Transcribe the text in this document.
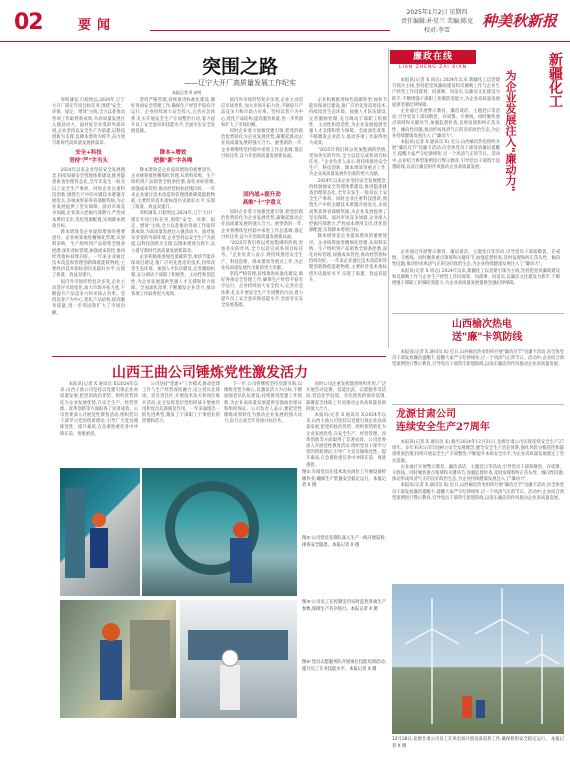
02	要闻
2025年1月2日 星期四
责任编辑:朴星兰 美编:陈克 校对:李雪
种美秋新报
突围之路
——辽宁大开厂高质量发展工作纪实
本报记者 X 宋明

厚积薄发,行稳致远,2024年,辽宁大开厂锚定年度目标任务,围绕"安全、环保、稳定、增效"主线,全力以赴推动各项工作取得新成效,为高质量发展注入强劲动力。面对复杂多变的外部环境,企业坚持以安全生产为前提,以科技创新为支撑,以降本增效为抓手,奋力谱写新时代高质量发展新篇章。

安全+科技
坚持"严"字当头

2024年以来企业坚持安全发展理念,持续加强安全管理体系建设,推进隐患排查治理常态化,全年未发生一般及以上安全生产事故。同时企业注重科技创新,围绕生产中的关键技术难题开展攻关,多项成果获得省部级奖励,为企业发展提供了坚实保障。面对市场竞争加剧,企业深入挖掘内部潜力,严控成本费用支出,优化资源配置,实现降本增效目标。

降本增效是企业提质增效的重要途径。企业统筹推进精细化管理,从原料采购、生产组织到产品销售全链条挖潜,深化对标管理,加强成本管控,推动经营指标持续向好。一年来企业通过技术改造和管理创新降低能耗物耗,主要经济技术指标创历史最好水平,实现了质量、效益双提升。

国内外市场形势复杂多变,企业主动适应市场变化,加大市场开拓力度,不断提升产品竞争力和市场占有率。坚持以客户为中心,优化产品结构,提高服务质量,进一步巩固和扩大了市场份额。

坚持严格管理,持续推进标准化建设,做好各项安全管理工作,确保生产经营平稳有序运行。企业持续加大安全投入,完善应急体系,扎实开展安全生产专项整治行动,着力提升员工安全意识和技能水平,全面夯实安全发展基础。

降本+增效
把握"新"字各绳

降本增效是企业提质增效的重要途径。企业统筹推进精细化管理,从原料采购、生产组织到产品销售全链条挖潜,深化对标管理,加强成本管控,推动经营指标持续向好。一年来企业通过技术改造和管理创新降低能耗物耗,主要经济技术指标创历史最好水平,实现了质量、效益双提升。

厚积薄发,行稳致远,2024年,辽宁大开厂锚定年度目标任务,围绕"安全、环保、稳定、增效"主线,全力以赴推动各项工作取得新成效,为高质量发展注入强劲动力。面对复杂多变的外部环境,企业坚持以安全生产为前提,以科技创新为支撑,以降本增效为抓手,奋力谱写新时代高质量发展新篇章。

企业积极推进绿色低碳转型,加快节能环保项目建设,推广应用先进适用技术,持续改善生态环境。加强人才队伍建设,完善激励机制,充分调动干部职工积极性、主动性和创造性,为企业发展提供坚强人才支撑和智力保障。全面深化改革,不断激发企业活力,推动各项工作取得更大成效。

国内外市场形势复杂多变,企业主动适应市场变化,加大市场开拓力度,不断提升产品竞争力和市场占有率。坚持以客户为中心,优化产品结构,提高服务质量,进一步巩固和扩大了市场份额。

同时企业着力加强党建引领,把党的政治优势转化为企业发展优势,凝聚起推动企业高质量发展的强大合力。展望新的一年,企业将继续坚持稳中求进工作总基调,锚定目标任务,奋力开创高质量发展新局面。

国内战+提升劲
高维"十"字意义

同时企业着力加强党建引领,把党的政治优势转化为企业发展优势,凝聚起推动企业高质量发展的强大合力。展望新的一年,企业将继续坚持稳中求进工作总基调,锚定目标任务,奋力开创高质量发展新局面。

"2025年我们将以更加饱满的热情,更加务实的作风,全力以赴完成各项目标任务。"企业负责人表示,将持续推进安全生产、科技创新、降本增效等重点工作,为企业高质量发展作出新的更大贡献。

坚持严格管理,持续推进标准化建设,做好各项安全管理工作,确保生产经营平稳有序运行。企业持续加大安全投入,完善应急体系,扎实开展安全生产专项整治行动,着力提升员工安全意识和技能水平,全面夯实安全发展基础。

企业积极推进绿色低碳转型,加快节能环保项目建设,推广应用先进适用技术,持续改善生态环境。加强人才队伍建设,完善激励机制,充分调动干部职工积极性、主动性和创造性,为企业发展提供坚强人才支撑和智力保障。全面深化改革,不断激发企业活力,推动各项工作取得更大成效。

"2025年我们将以更加饱满的热情,更加务实的作风,全力以赴完成各项目标任务。"企业负责人表示,将持续推进安全生产、科技创新、降本增效等重点工作,为企业高质量发展作出新的更大贡献。

2024年以来企业坚持安全发展理念,持续加强安全管理体系建设,推进隐患排查治理常态化,全年未发生一般及以上安全生产事故。同时企业注重科技创新,围绕生产中的关键技术难题开展攻关,多项成果获得省部级奖励,为企业发展提供了坚实保障。面对市场竞争加剧,企业深入挖掘内部潜力,严控成本费用支出,优化资源配置,实现降本增效目标。

降本增效是企业提质增效的重要途径。企业统筹推进精细化管理,从原料采购、生产组织到产品销售全链条挖潜,深化对标管理,加强成本管控,推动经营指标持续向好。一年来企业通过技术改造和管理创新降低能耗物耗,主要经济技术指标创历史最好水平,实现了质量、效益双提升。

廉政在线
LIAN ZHENG ZAI XIAN	新疆化工
为企业发展注入"廉动力"

本报讯(记者 X 同志) 2024年以来,新疆化工以党建引领为主线,坚持把党风廉政建设和反腐败工作与企业生产经营工作同谋划、同部署、同落实,以廉洁文化建设为抓手,不断增强干部职工拒腐防变能力,为企业高质量发展提供坚强纪律保障。

企业通过开展警示教育、廉洁谈话、主题党日等活动,引导党员干部知敬畏、存戒惧、守底线。同时聚焦重点领域和关键环节,加强监督检查,及时发现和纠正苗头性、倾向性问题,推动形成风清气正的良好政治生态,为企业持续健康发展注入了"廉动力"。

本报讯(记者 X 通讯员 X) 近日,山西榆次热电组织开展"廉洁过节"送廉卡活动,向全体党员干部发放廉洁提醒卡,提醒大家严守纪律规矩,过一个风清气正的节日。活动中,企业结合典型案例进行警示教育,引导党员干部筑牢思想防线,以清正廉洁的作风推动企业高质量发展。

企业通过开展警示教育、廉洁谈话、主题党日等活动,引导党员干部知敬畏、存戒惧、守底线。同时聚焦重点领域和关键环节,加强监督检查,及时发现和纠正苗头性、倾向性问题,推动形成风清气正的良好政治生态,为企业持续健康发展注入了"廉动力"。

本报讯(记者 X 同志) 2024年以来,新疆化工以党建引领为主线,坚持把党风廉政建设和反腐败工作与企业生产经营工作同谋划、同部署、同落实,以廉洁文化建设为抓手,不断增强干部职工拒腐防变能力,为企业高质量发展提供坚强纪律保障。

山西榆次热电
送"廉"卡筑防线

本报讯(记者 X 通讯员 X) 近日,山西榆次热电组织开展"廉洁过节"送廉卡活动,向全体党员干部发放廉洁提醒卡,提醒大家严守纪律规矩,过一个风清气正的节日。活动中,企业结合典型案例进行警示教育,引导党员干部筑牢思想防线,以清正廉洁的作风推动企业高质量发展。

龙源甘肃公司
连续安全生产27周年

本报讯(记者 X 通讯员 X) 截至2024年12月31日,龙源甘肃公司实现连续安全生产27周年。多年来该公司牢固树立安全发展理念,健全安全生产责任体系,强化风险分级管控和隐患排查治理,持续开展安全生产专项整治,不断提升本质安全水平,为企业高质量发展奠定了坚实基础。

企业通过开展警示教育、廉洁谈话、主题党日等活动,引导党员干部知敬畏、存戒惧、守底线。同时聚焦重点领域和关键环节,加强监督检查,及时发现和纠正苗头性、倾向性问题,推动形成风清气正的良好政治生态,为企业持续健康发展注入了"廉动力"。

本报讯(记者 X 通讯员 X) 近日,山西榆次热电组织开展"廉洁过节"送廉卡活动,向全体党员干部发放廉洁提醒卡,提醒大家严守纪律规矩,过一个风清气正的节日。活动中,企业结合典型案例进行警示教育,引导党员干部筑牢思想防线,以清正廉洁的作风推动企业高质量发展。

12月28日,龙源甘肃公司员工在风电场开展设备巡检工作,确保机组安全稳定运行。 本报记者 X 摄
山西王曲公司锤炼党性激发活力

本报讯(记者 X 通讯员 X)2024年以来,山西王曲公司坚持以党建引领企业高质量发展,把党的政治优势、组织优势转化为企业发展优势,在安全生产、经营管理、改革创新等方面取得了显著成效。公司党委深入开展党性教育活动,组织党员干部学习党的创新理论,引导广大党员锤炼党性、提升素质,在急难险重任务中冲锋在前、勇挑重担。

公司坚持"党建+"工作模式,推动党建工作与生产经营深度融合,设立党员先锋岗、党员责任区,开展技术攻关和岗位练兵活动,充分发挥基层党组织战斗堡垒作用和党员先锋模范作用。一年来涌现出一批先进典型,激发了干部职工干事创业的热情和活力。

下一步,公司将继续坚持党建引领,以锤炼党性为核心,以激发活力为目标,不断加强党员队伍建设,持续推进党建工作创新,为企业高质量发展提供坚强政治保证和组织保证。公司负责人表示,要把党性锤炼成果转化为推动企业发展的强大动力,奋力完成全年各项目标任务。

同时公司注重发挥群团组织作用,广泛开展劳动竞赛、技能比武、志愿服务等活动,营造比学赶超、争先创优的浓厚氛围,凝聚起全体职工共同推动企业高质量发展的强大合力。

本报讯(记者 X 通讯员 X)2024年以来,山西王曲公司坚持以党建引领企业高质量发展,把党的政治优势、组织优势转化为企业发展优势,在安全生产、经营管理、改革创新等方面取得了显著成效。公司党委深入开展党性教育活动,组织党员干部学习党的创新理论,引导广大党员锤炼党性、提升素质,在急难险重任务中冲锋在前、勇挑重担。

图①:车间党员在技术攻关岗位上开展设备检修作业,确保生产装置安全稳定运行。本报记者 X 摄
图②:公司党员先锋队深入生产一线开展巡检,排查安全隐患。本报记者 X 摄
图③:公司员工在控制室内实时监控各项生产参数,保障生产有序进行。本报记者 X 摄
图④:党员志愿服务队开展岗位技能培训活动,提升员工专业技能水平。本报记者 X 摄
